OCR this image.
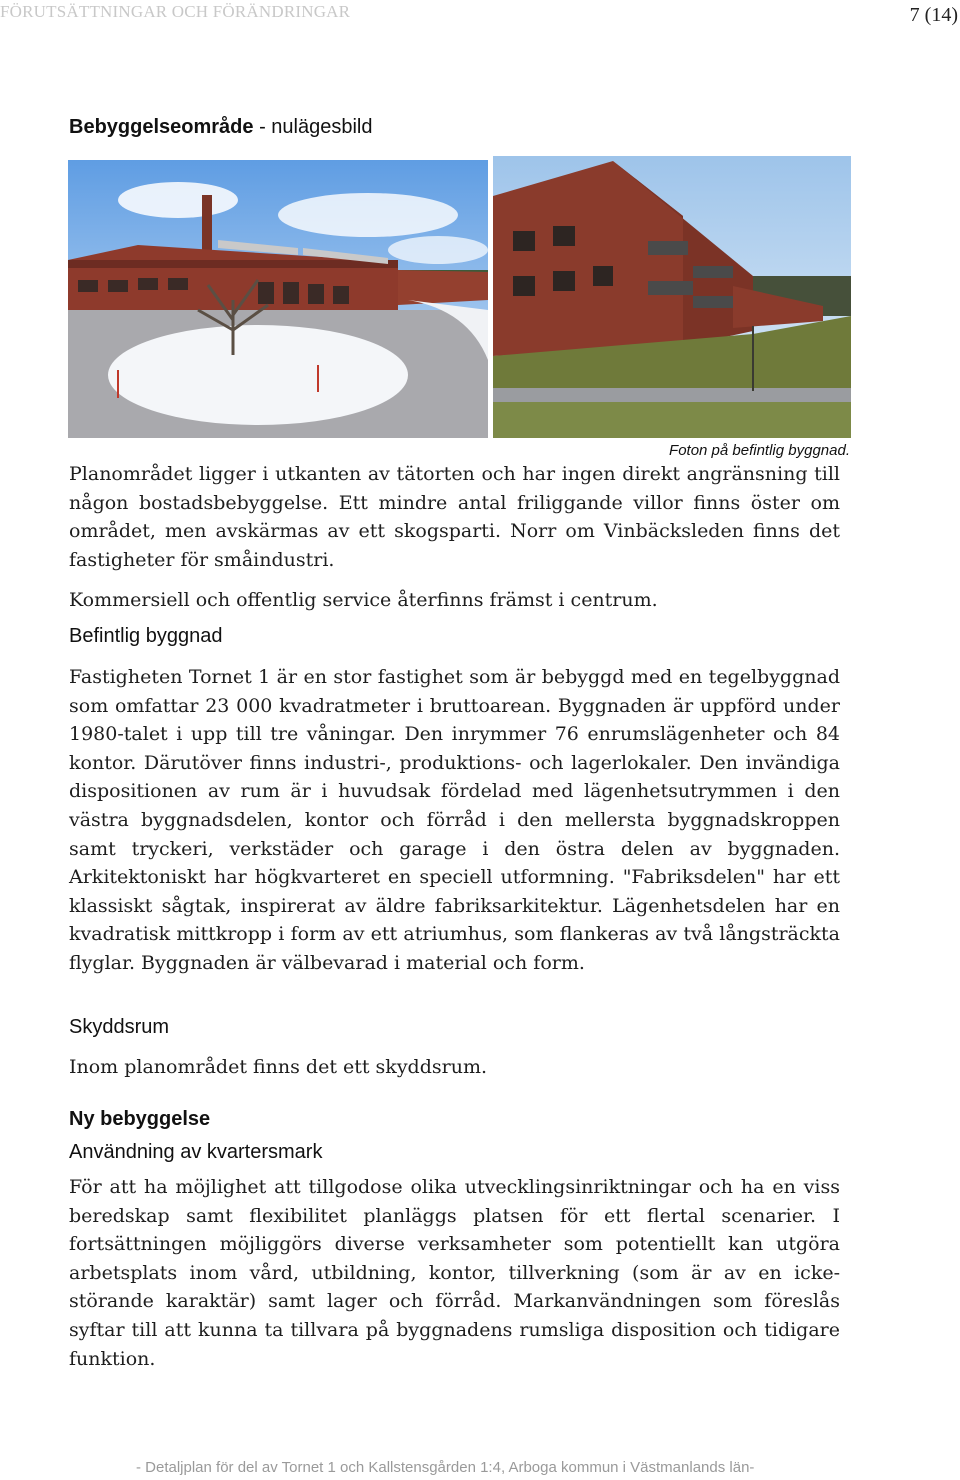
FÖRUTSÄTTNINGAR OCH FÖRÄNDRINGAR	7 (14)
Bebyggelseområde - nulägesbild
Foton på befintlig byggnad.

Planområdet ligger i utkanten av tätorten och har ingen direkt angränsning till någon bostadsbebyggelse. Ett mindre antal friliggande villor finns öster om området, men avskärmas av ett skogsparti. Norr om Vinbäcksleden finns det fastigheter för småindustri.

Kommersiell och offentlig service återfinns främst i centrum.

Befintlig byggnad

Fastigheten Tornet 1 är en stor fastighet som är bebyggd med en tegelbyggnad som omfattar 23 000 kvadratmeter i bruttoarean. Byggnaden är uppförd under 1980-talet i upp till tre våningar. Den inrymmer 76 enrumslägenheter och 84 kontor. Därutöver finns industri-, produktions- och lagerlokaler. Den invändiga dispositionen av rum är i huvudsak fördelad med lägenhetsutrymmen i den västra byggnadsdelen, kontor och förråd i den mellersta byggnadskroppen samt tryckeri, verkstäder och garage i den östra delen av byggnaden. Arkitektoniskt har högkvarteret en speciell utformning. "Fabriksdelen" har ett klassiskt sågtak, inspirerat av äldre fabriksarkitektur. Lägenhetsdelen har en kvadratisk mittkropp i form av ett atriumhus, som flankeras av två långsträckta flyglar. Byggnaden är välbevarad i material och form.

Skyddsrum

Inom planområdet finns det ett skyddsrum.

Ny bebyggelse
Användning av kvartersmark

För att ha möjlighet att tillgodose olika utvecklingsinriktningar och ha en viss beredskap samt flexibilitet planläggs platsen för ett flertal scenarier. I fortsättningen möjliggörs diverse verksamheter som potentiellt kan utgöra arbetsplats inom vård, utbildning, kontor, tillverkning (som är av en icke-störande karaktär) samt lager och förråd. Markanvändningen som föreslås syftar till att kunna ta tillvara på byggnadens rumsliga disposition och tidigare funktion.

- Detaljplan för del av Tornet 1 och Kallstensgården 1:4, Arboga kommun i Västmanlands län-
